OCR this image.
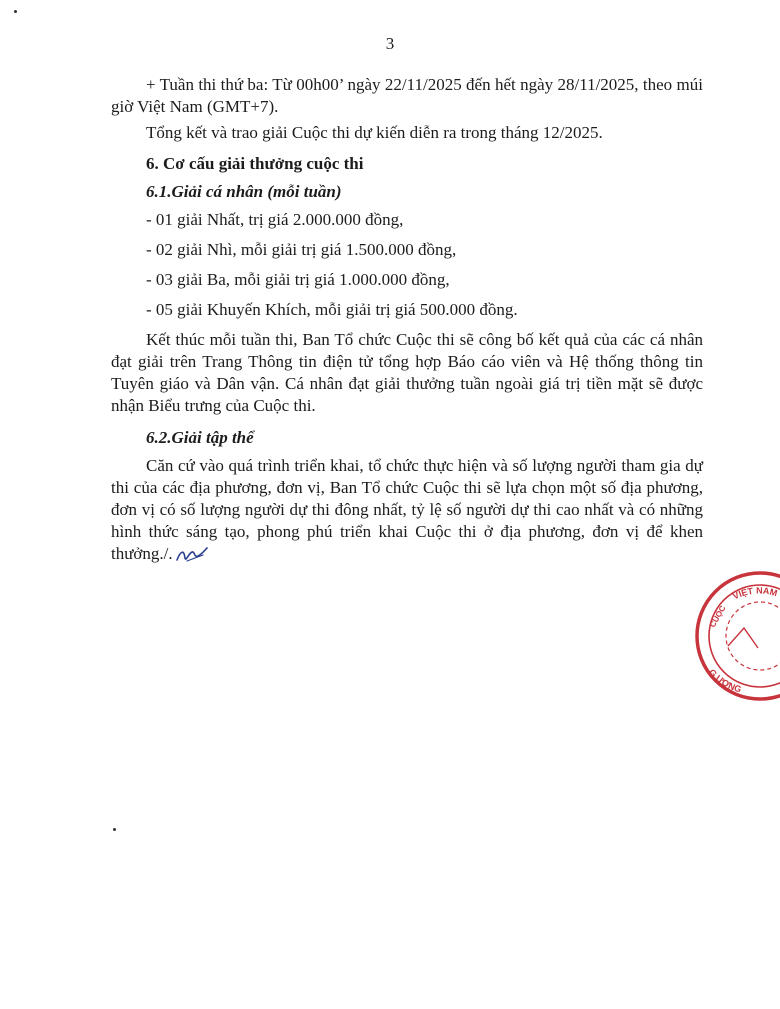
3

+ Tuần thi thứ ba: Từ 00h00’ ngày 22/11/2025 đến hết ngày 28/11/2025, theo múi giờ Việt Nam (GMT+7).

Tổng kết và trao giải Cuộc thi dự kiến diễn ra trong tháng 12/2025.

6. Cơ cấu giải thưởng cuộc thi

6.1.Giải cá nhân (mỗi tuần)

- 01 giải Nhất, trị giá 2.000.000 đồng,

- 02 giải Nhì, mỗi giải trị giá 1.500.000 đồng,

- 03 giải Ba, mỗi giải trị giá 1.000.000 đồng,

- 05 giải Khuyến Khích, mỗi giải trị giá 500.000 đồng.

Kết thúc mỗi tuần thi, Ban Tổ chức Cuộc thi sẽ công bố kết quả của các cá nhân đạt giải trên Trang Thông tin điện tử tổng hợp Báo cáo viên và Hệ thống thông tin Tuyên giáo và Dân vận. Cá nhân đạt giải thưởng tuần ngoài giá trị tiền mặt sẽ được nhận Biểu trưng của Cuộc thi.

6.2.Giải tập thể

Căn cứ vào quá trình triển khai, tổ chức thực hiện và số lượng người tham gia dự thi của các địa phương, đơn vị, Ban Tổ chức Cuộc thi sẽ lựa chọn một số địa phương, đơn vị có số lượng người dự thi đông nhất, tỷ lệ số người dự thi cao nhất và có những hình thức sáng tạo, phong phú triển khai Cuộc thi ở địa phương, đơn vị để khen thưởng./.

VIỆT NAM
CUỘC
G ƯƠNG
